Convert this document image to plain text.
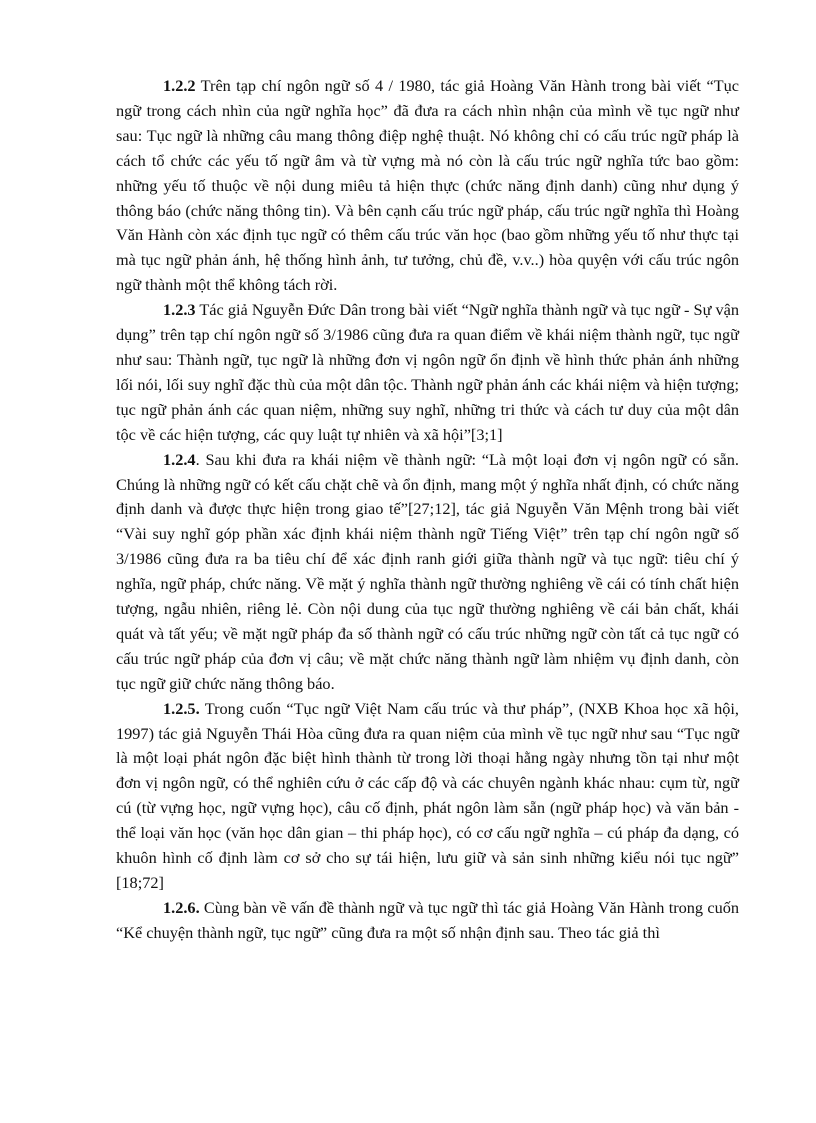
1.2.2 Trên tạp chí ngôn ngữ số 4 / 1980, tác giả Hoàng Văn Hành trong bài viết “Tục ngữ trong cách nhìn của ngữ nghĩa học” đã đưa ra cách nhìn nhận của mình về tục ngữ như sau: Tục ngữ là những câu mang thông điệp nghệ thuật. Nó không chỉ có cấu trúc ngữ pháp là cách tổ chức các yếu tố ngữ âm và từ vựng mà nó còn là cấu trúc ngữ nghĩa tức bao gồm: những yếu tố thuộc về nội dung miêu tả hiện thực (chức năng định danh) cũng như dụng ý thông báo (chức năng thông tin). Và bên cạnh cấu trúc ngữ pháp, cấu trúc ngữ nghĩa thì Hoàng Văn Hành còn xác định tục ngữ có thêm cấu trúc văn học (bao gồm những yếu tố như thực tại mà tục ngữ phản ánh, hệ thống hình ảnh, tư tưởng, chủ đề, v.v..) hòa quyện với cấu trúc ngôn ngữ thành một thể không tách rời.

1.2.3 Tác giả Nguyễn Đức Dân trong bài viết “Ngữ nghĩa thành ngữ và tục ngữ - Sự vận dụng” trên tạp chí ngôn ngữ số 3/1986 cũng đưa ra quan điểm về khái niệm thành ngữ, tục ngữ như sau: Thành ngữ, tục ngữ là những đơn vị ngôn ngữ ổn định về hình thức phản ánh những lối nói, lối suy nghĩ đặc thù của một dân tộc. Thành ngữ phản ánh các khái niệm và hiện tượng; tục ngữ phản ánh các quan niệm, những suy nghĩ, những tri thức và cách tư duy của một dân tộc về các hiện tượng, các quy luật tự nhiên và xã hội”[3;1]

1.2.4. Sau khi đưa ra khái niệm về thành ngữ: “Là một loại đơn vị ngôn ngữ có sẵn. Chúng là những ngữ có kết cấu chặt chẽ và ổn định, mang một ý nghĩa nhất định, có chức năng định danh và được thực hiện trong giao tế”[27;12], tác giả Nguyễn Văn Mệnh trong bài viết “Vài suy nghĩ góp phần xác định khái niệm thành ngữ Tiếng Việt” trên tạp chí ngôn ngữ số 3/1986 cũng đưa ra ba tiêu chí để xác định ranh giới giữa thành ngữ và tục ngữ: tiêu chí ý nghĩa, ngữ pháp, chức năng. Về mặt ý nghĩa thành ngữ thường nghiêng về cái có tính chất hiện tượng, ngẫu nhiên, riêng lẻ. Còn nội dung của tục ngữ thường nghiêng về cái bản chất, khái quát và tất yếu; về mặt ngữ pháp đa số thành ngữ có cấu trúc những ngữ còn tất cả tục ngữ có cấu trúc ngữ pháp của đơn vị câu; về mặt chức năng thành ngữ làm nhiệm vụ định danh, còn tục ngữ giữ chức năng thông báo.

1.2.5. Trong cuốn “Tục ngữ Việt Nam cấu trúc và thư pháp”, (NXB Khoa học xã hội, 1997) tác giả Nguyễn Thái Hòa cũng đưa ra quan niệm của mình về tục ngữ như sau “Tục ngữ là một loại phát ngôn đặc biệt hình thành từ trong lời thoại hằng ngày nhưng tồn tại như một đơn vị ngôn ngữ, có thể nghiên cứu ở các cấp độ và các chuyên ngành khác nhau: cụm từ, ngữ cú (từ vựng học, ngữ vựng học), câu cố định, phát ngôn làm sẵn (ngữ pháp học) và văn bản - thể loại văn học (văn học dân gian – thi pháp học), có cơ cấu ngữ nghĩa – cú pháp đa dạng, có khuôn hình cố định làm cơ sở cho sự tái hiện, lưu giữ và sản sinh những kiểu nói tục ngữ” [18;72]

1.2.6. Cùng bàn về vấn đề thành ngữ và tục ngữ thì tác giả Hoàng Văn Hành trong cuốn “Kể chuyện thành ngữ, tục ngữ” cũng đưa ra một số nhận định sau. Theo tác giả thì
